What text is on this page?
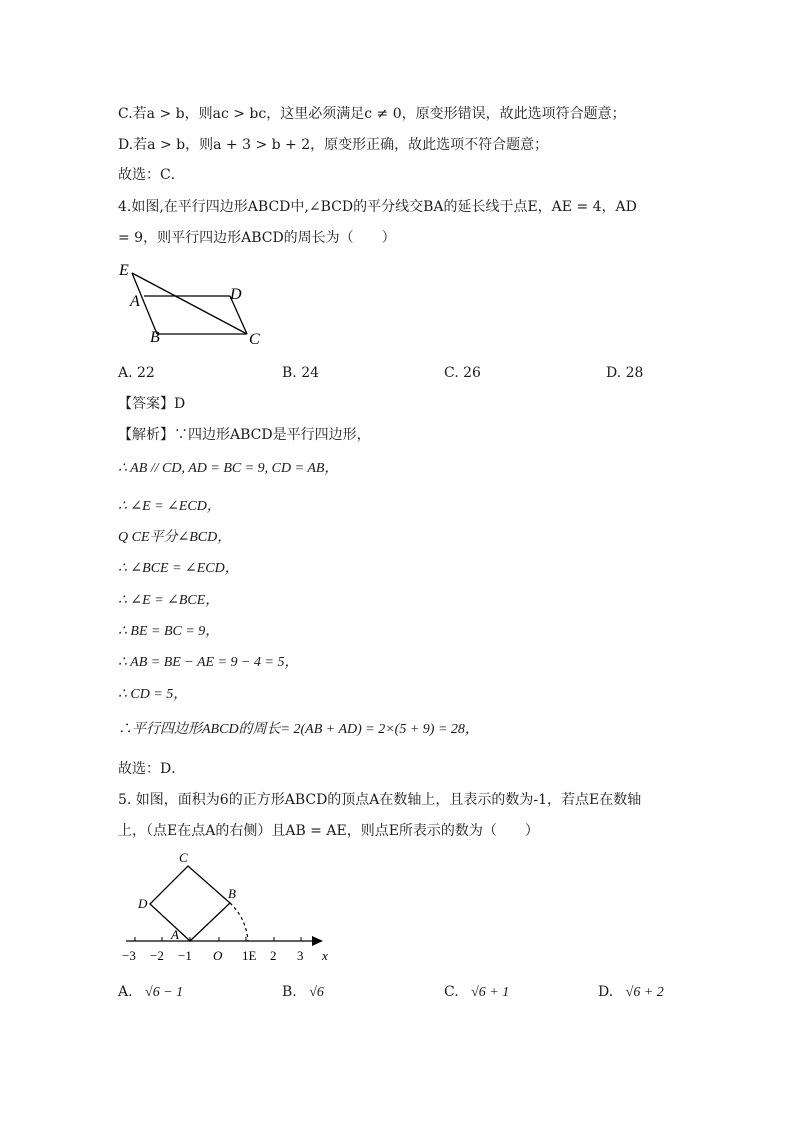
C.若a > b，则ac > bc，这里必须满足c ≠ 0，原变形错误，故此选项符合题意；
D.若a > b，则a + 3 > b + 2，原变形正确，故此选项不符合题意；
故选：C．
4.如图,在平行四边形ABCD中,∠BCD的平分线交BA的延长线于点E，AE = 4，AD
= 9，则平行四边形ABCD的周长为（　　）
E
A	D
B	C
A. 22	B. 24	C. 26	D. 28
【答案】D
【解析】∵四边形ABCD是平行四边形，
∴ AB // CD, AD = BC = 9, CD = AB，
∴ ∠E = ∠ECD，
Q CE平分∠BCD，
∴ ∠BCE = ∠ECD，
∴ ∠E = ∠BCE，
∴ BE = BC = 9，
∴ AB = BE − AE = 9 − 4 = 5，
∴ CD = 5，
∴平行四边形ABCD的周长= 2(AB + AD) = 2×(5 + 9) = 28，
故选：D．
5. 如图，面积为6的正方形ABCD的顶点A在数轴上，且表示的数为-1，若点E在数轴
上，（点E在点A的右侧）且AB = AE，则点E所表示的数为（　　）
C
B
D
A
−3 −2 −1 O 1E 2 3 x
A. √6 − 1	B. √6	C. √6 + 1	D. √6 + 2
